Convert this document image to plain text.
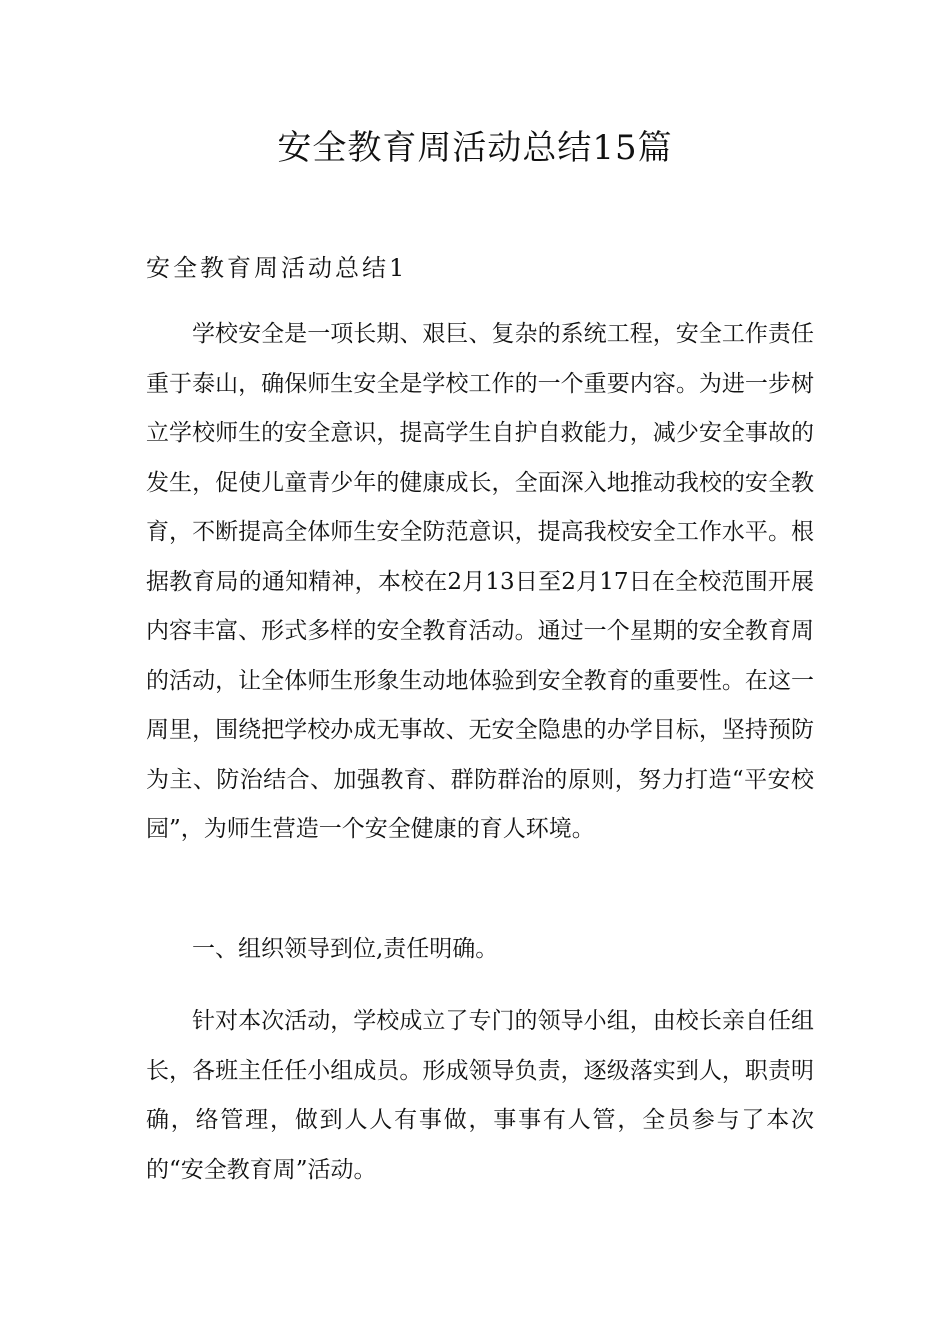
安全教育周活动总结15篇
安全教育周活动总结1

学校安全是一项长期、艰巨、复杂的系统工程，安全工作责任重于泰山，确保师生安全是学校工作的一个重要内容。为进一步树立学校师生的安全意识，提高学生自护自救能力，减少安全事故的发生，促使儿童青少年的健康成长，全面深入地推动我校的安全教育，不断提高全体师生安全防范意识，提高我校安全工作水平。根据教育局的通知精神，本校在2月13日至2月17日在全校范围开展内容丰富、形式多样的安全教育活动。通过一个星期的安全教育周的活动，让全体师生形象生动地体验到安全教育的重要性。在这一周里，围绕把学校办成无事故、无安全隐患的办学目标，坚持预防为主、防治结合、加强教育、群防群治的原则，努力打造“平安校园”，为师生营造一个安全健康的育人环境。

一、组织领导到位,责任明确。

针对本次活动，学校成立了专门的领导小组，由校长亲自任组长，各班主任任小组成员。形成领导负责，逐级落实到人，职责明确，络管理，做到人人有事做，事事有人管，全员参与了本次的“安全教育周”活动。
